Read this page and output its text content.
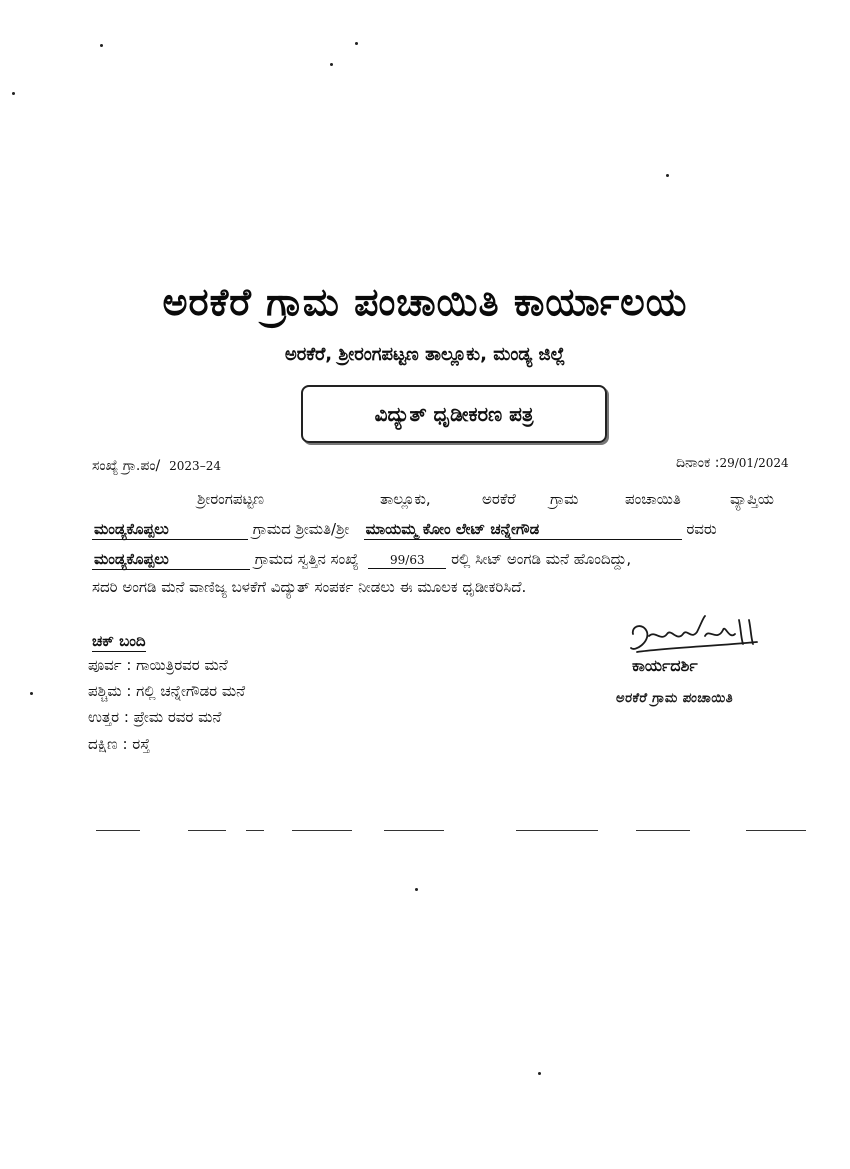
ಅರಕೆರೆ ಗ್ರಾಮ ಪಂಚಾಯಿತಿ ಕಾರ್ಯಾಲಯ
ಅರಕೆರೆ, ಶ್ರೀರಂಗಪಟ್ಟಣ ತಾಲ್ಲೂಕು, ಮಂಡ್ಯ ಜಿಲ್ಲೆ
ವಿದ್ಯುತ್ ಧೃಡೀಕರಣ ಪತ್ರ
ಸಂಖ್ಯೆ ಗ್ರಾ.ಪಂ/ 2023–24	ದಿನಾಂಕ :29/01/2024
ಶ್ರೀರಂಗಪಟ್ಟಣ	ತಾಲ್ಲೂಕು,	ಅರಕೆರೆ ಗ್ರಾಮ	ಪಂಚಾಯಿತಿ	ವ್ಯಾಪ್ತಿಯ
ಮಂಡ್ಯಕೊಪ್ಪಲು	ಗ್ರಾಮದ ಶ್ರೀಮತಿ/ಶ್ರೀ ಮಾಯಮ್ಮ ಕೋಂ ಲೇಟ್ ಚನ್ನೇಗೌಡ	ರವರು
ಮಂಡ್ಯಕೊಪ್ಪಲು	ಗ್ರಾಮದ ಸ್ವತ್ತಿನ ಸಂಖ್ಯೆ	99/63 ರಲ್ಲಿ ಸೀಟ್ ಅಂಗಡಿ ಮನೆ ಹೊಂದಿದ್ದು,
ಸದರಿ ಅಂಗಡಿ ಮನೆ ವಾಣಿಜ್ಯ ಬಳಕೆಗೆ ವಿದ್ಯುತ್ ಸಂಪರ್ಕ ನೀಡಲು ಈ ಮೂಲಕ ಧೃಡೀಕರಿಸಿದೆ.
ಚಕ್ ಬಂದಿ
ಪೂರ್ವ : ಗಾಯಿತ್ರಿರವರ ಮನೆ
ಪಶ್ಚಿಮ : ಗಲ್ಲಿ ಚನ್ನೇಗೌಡರ ಮನೆ
ಉತ್ತರ : ಪ್ರೇಮ ರವರ ಮನೆ
ದಕ್ಷಿಣ : ರಸ್ತೆ
ಕಾರ್ಯದರ್ಶಿ
ಅರಕೆರೆ ಗ್ರಾಮ ಪಂಚಾಯಿತಿ
